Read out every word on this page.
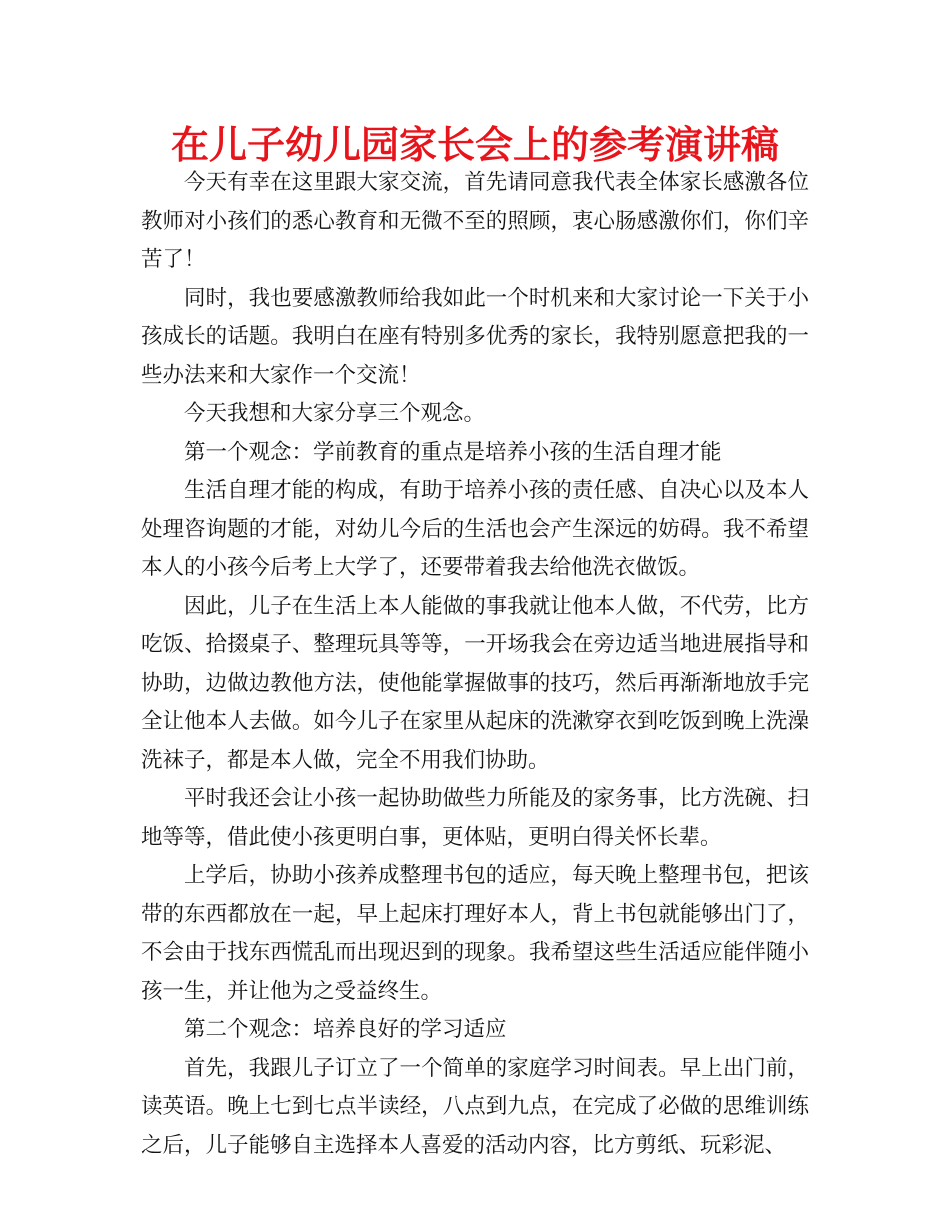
在儿子幼儿园家长会上的参考演讲稿

今天有幸在这里跟大家交流，首先请同意我代表全体家长感激各位教师对小孩们的悉心教育和无微不至的照顾，衷心肠感激你们，你们辛苦了！

同时，我也要感激教师给我如此一个时机来和大家讨论一下关于小孩成长的话题。我明白在座有特别多优秀的家长，我特别愿意把我的一些办法来和大家作一个交流！

今天我想和大家分享三个观念。

第一个观念：学前教育的重点是培养小孩的生活自理才能

生活自理才能的构成，有助于培养小孩的责任感、自决心以及本人处理咨询题的才能，对幼儿今后的生活也会产生深远的妨碍。我不希望本人的小孩今后考上大学了，还要带着我去给他洗衣做饭。

因此，儿子在生活上本人能做的事我就让他本人做，不代劳，比方吃饭、拾掇桌子、整理玩具等等，一开场我会在旁边适当地进展指导和协助，边做边教他方法，使他能掌握做事的技巧，然后再渐渐地放手完全让他本人去做。如今儿子在家里从起床的洗漱穿衣到吃饭到晚上洗澡洗袜子，都是本人做，完全不用我们协助。

平时我还会让小孩一起协助做些力所能及的家务事，比方洗碗、扫地等等，借此使小孩更明白事，更体贴，更明白得关怀长辈。

上学后，协助小孩养成整理书包的适应，每天晚上整理书包，把该带的东西都放在一起，早上起床打理好本人，背上书包就能够出门了，不会由于找东西慌乱而出现迟到的现象。我希望这些生活适应能伴随小孩一生，并让他为之受益终生。

第二个观念：培养良好的学习适应

首先，我跟儿子订立了一个简单的家庭学习时间表。早上出门前，读英语。晚上七到七点半读经，八点到九点，在完成了必做的思维训练之后，儿子能够自主选择本人喜爱的活动内容，比方剪纸、玩彩泥、
